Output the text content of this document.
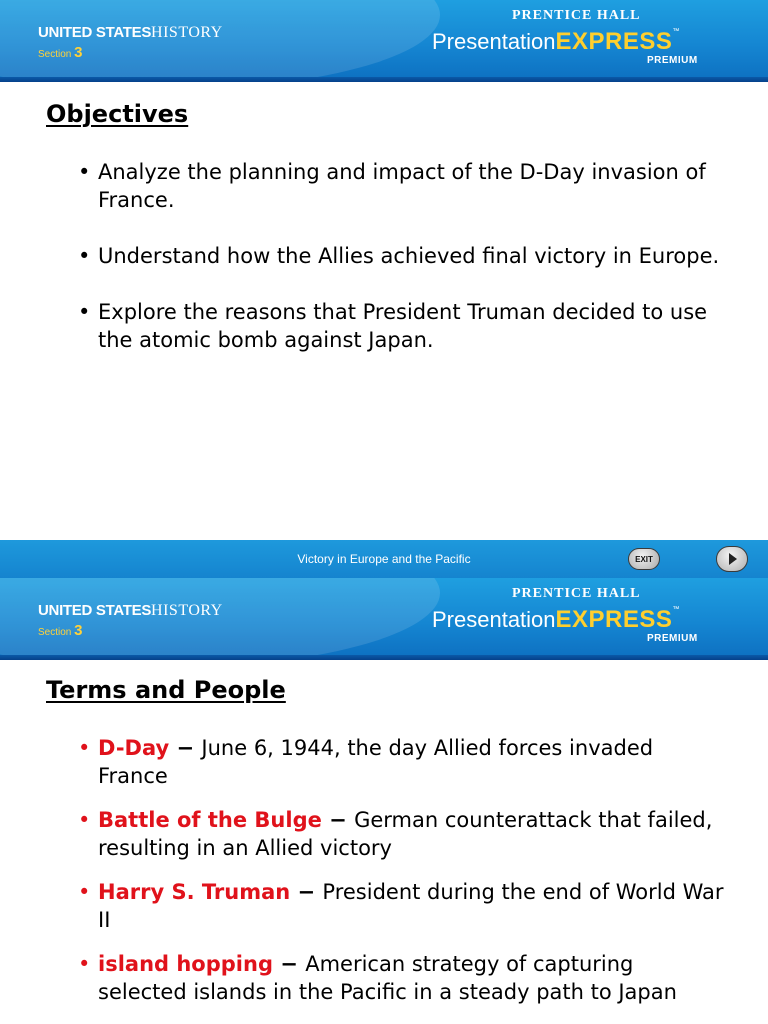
UNITED STATESHISTORY
Section 3
PRENTICE HALL
PresentationEXPRESS™
PREMIUM
Objectives
• Analyze the planning and impact of the D-Day invasion of France.
• Understand how the Allies achieved final victory in Europe.
• Explore the reasons that President Truman decided to use the atomic bomb against Japan.
Victory in Europe and the Pacific	EXIT
UNITED STATESHISTORY
Section 3
PRENTICE HALL
PresentationEXPRESS™
PREMIUM
Terms and People
• D-Day − June 6, 1944, the day Allied forces invaded France
• Battle of the Bulge − German counterattack that failed, resulting in an Allied victory
• Harry S. Truman − President during the end of World War II
• island hopping − American strategy of capturing selected islands in the Pacific in a steady path to Japan
